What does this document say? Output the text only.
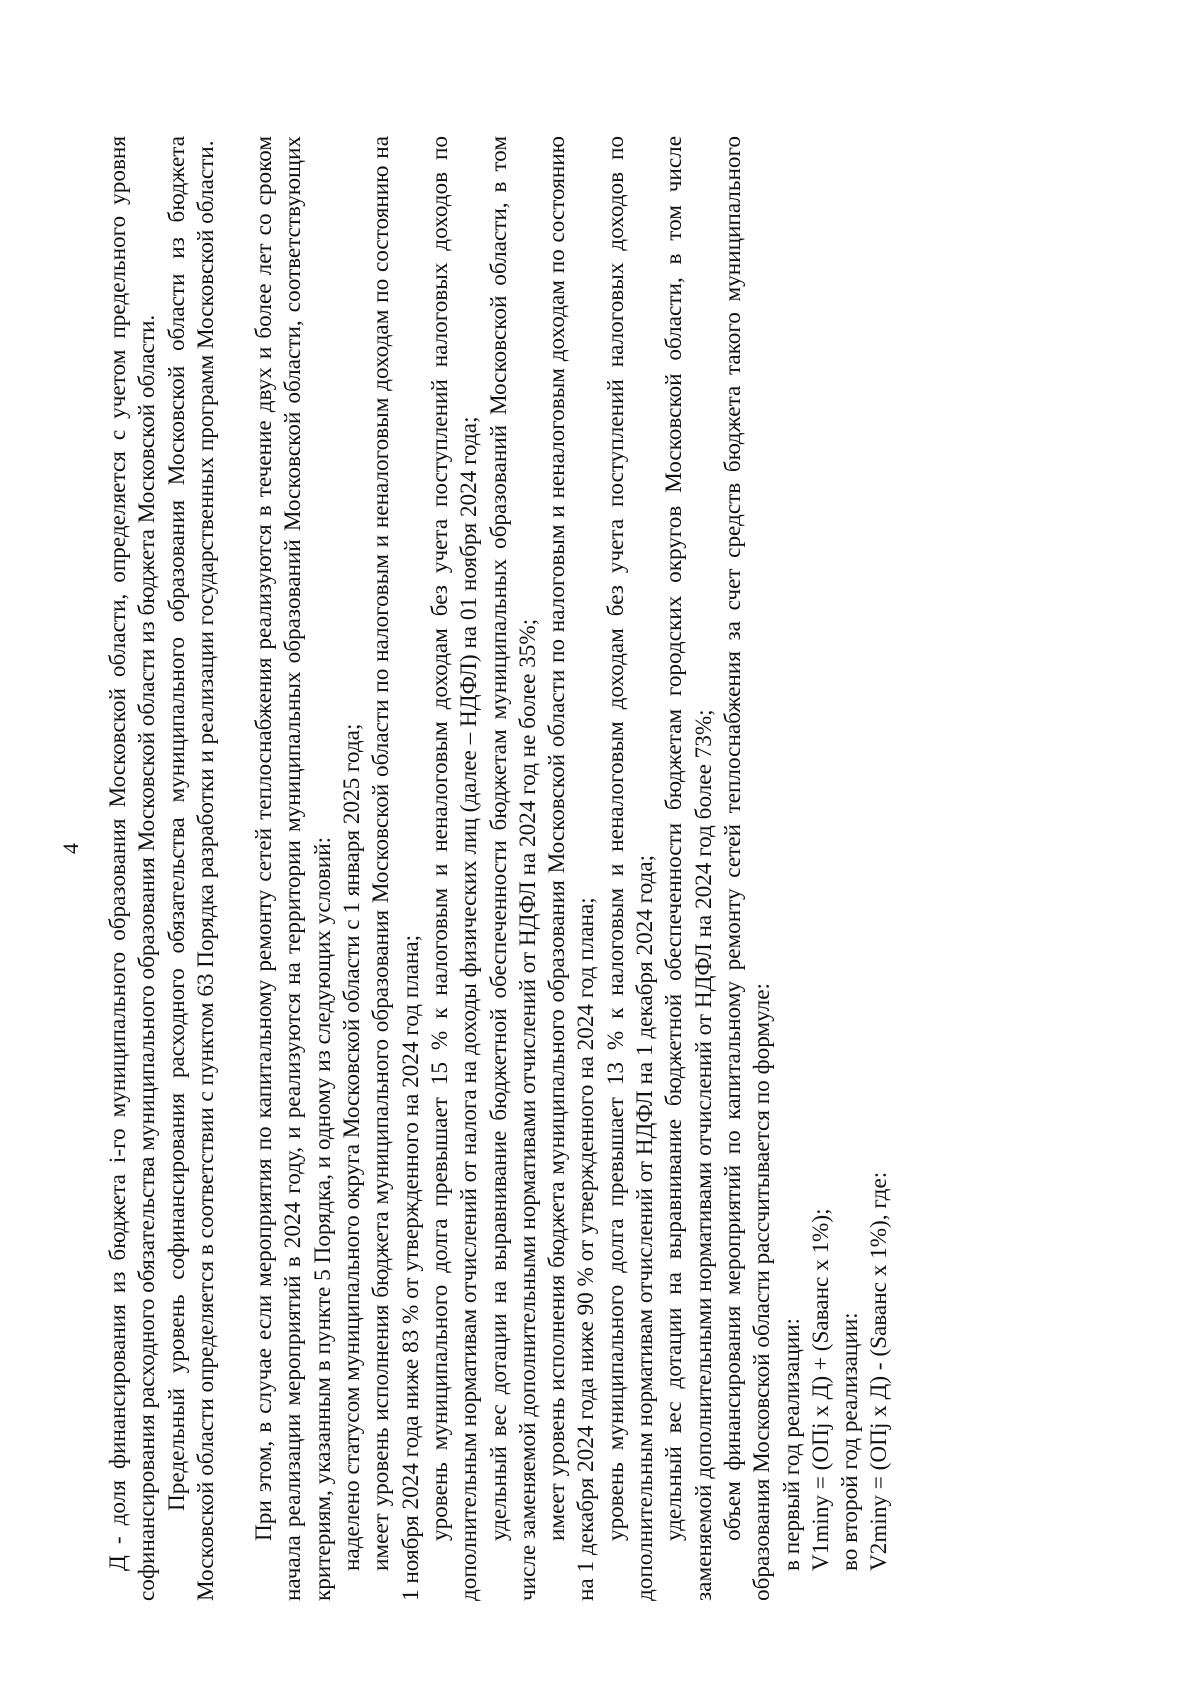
4 Д - доля финансирования из бюджета i-го муниципального образования Московской области, определяется с учетом предельного уровня софинансирования расходного обязательства муниципального образования Московской области из бюджета Московской области. Предельный уровень софинансирования расходного обязательства муниципального образования Московской области из бюджета Московской области определяется в соответствии с пунктом 63 Порядка разработки и реализации государственных программ Московской области. При этом, в случае если мероприятия по капитальному ремонту сетей теплоснабжения реализуются в течение двух и более лет со сроком начала реализации мероприятий в 2024 году, и реализуются на территории муниципальных образований Московской области, соответствующих критериям, указанным в пункте 5 Порядка, и одному из следующих условий: наделено статусом муниципального округа Московской области с 1 января 2025 года; имеет уровень исполнения бюджета муниципального образования Московской области по налоговым и неналоговым доходам по состоянию на 1 ноября 2024 года ниже 83 % от утвержденного на 2024 год плана; уровень муниципального долга превышает 15 % к налоговым и неналоговым доходам без учета поступлений налоговых доходов по дополнительным нормативам отчислений от налога на доходы физических лиц (далее – НДФЛ) на 01 ноября 2024 года; удельный вес дотации на выравнивание бюджетной обеспеченности бюджетам муниципальных образований Московской области, в том числе заменяемой дополнительными нормативами отчислений от НДФЛ на 2024 год не более 35%; имеет уровень исполнения бюджета муниципального образования Московской области по налоговым и неналоговым доходам по состоянию на 1 декабря 2024 года ниже 90 % от утвержденного на 2024 год плана; уровень муниципального долга превышает 13 % к налоговым и неналоговым доходам без учета поступлений налоговых доходов по дополнительным нормативам отчислений от НДФЛ на 1 декабря 2024 года; удельный вес дотации на выравнивание бюджетной обеспеченности бюджетам городских округов Московской области, в том числе заменяемой дополнительными нормативами отчислений от НДФЛ на 2024 год более 73%; объем финансирования мероприятий по капитальному ремонту сетей теплоснабжения за счет средств бюджета такого муниципального образования Московской области рассчитывается по формуле: в первый год реализации: V1miny = (ОПj x Д) + (Sаванс x 1%); во второй год реализации: V2miny = (ОПj x Д) - (Sаванс x 1%), где:
